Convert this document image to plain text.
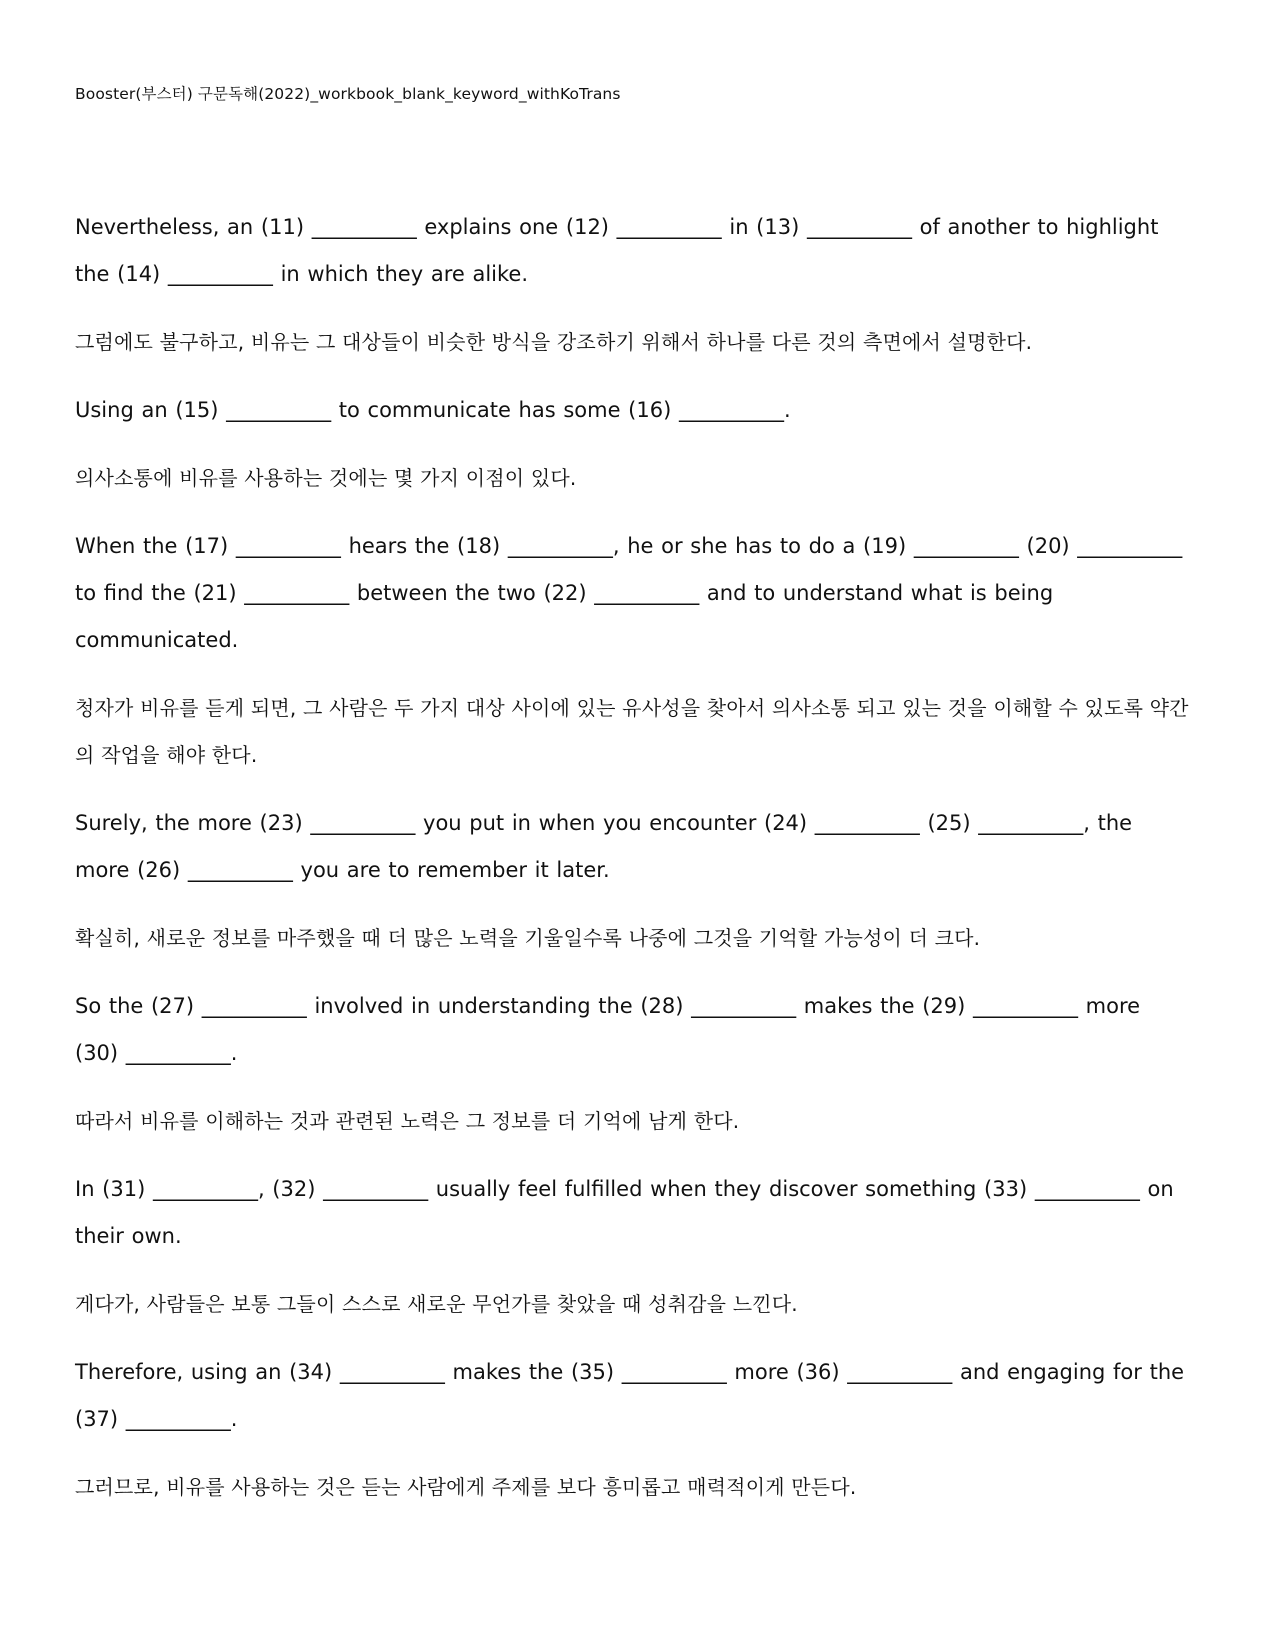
Booster(부스터) 구문독해(2022)_workbook_blank_keyword_withKoTrans

Nevertheless, an (11) __________ explains one (12) __________ in (13) __________ of another to highlight the (14) __________ in which they are alike.

그럼에도 불구하고, 비유는 그 대상들이 비슷한 방식을 강조하기 위해서 하나를 다른 것의 측면에서 설명한다.

Using an (15) __________ to communicate has some (16) __________.

의사소통에 비유를 사용하는 것에는 몇 가지 이점이 있다.

When the (17) __________ hears the (18) __________, he or she has to do a (19) __________ (20) __________ to find the (21) __________ between the two (22) __________ and to understand what is being communicated.

청자가 비유를 듣게 되면, 그 사람은 두 가지 대상 사이에 있는 유사성을 찾아서 의사소통 되고 있는 것을 이해할 수 있도록 약간의 작업을 해야 한다.

Surely, the more (23) __________ you put in when you encounter (24) __________ (25) __________, the more (26) __________ you are to remember it later.

확실히, 새로운 정보를 마주했을 때 더 많은 노력을 기울일수록 나중에 그것을 기억할 가능성이 더 크다.

So the (27) __________ involved in understanding the (28) __________ makes the (29) __________ more (30) __________.

따라서 비유를 이해하는 것과 관련된 노력은 그 정보를 더 기억에 남게 한다.

In (31) __________, (32) __________ usually feel fulfilled when they discover something (33) __________ on their own.

게다가, 사람들은 보통 그들이 스스로 새로운 무언가를 찾았을 때 성취감을 느낀다.

Therefore, using an (34) __________ makes the (35) __________ more (36) __________ and engaging for the (37) __________.

그러므로, 비유를 사용하는 것은 듣는 사람에게 주제를 보다 흥미롭고 매력적이게 만든다.
